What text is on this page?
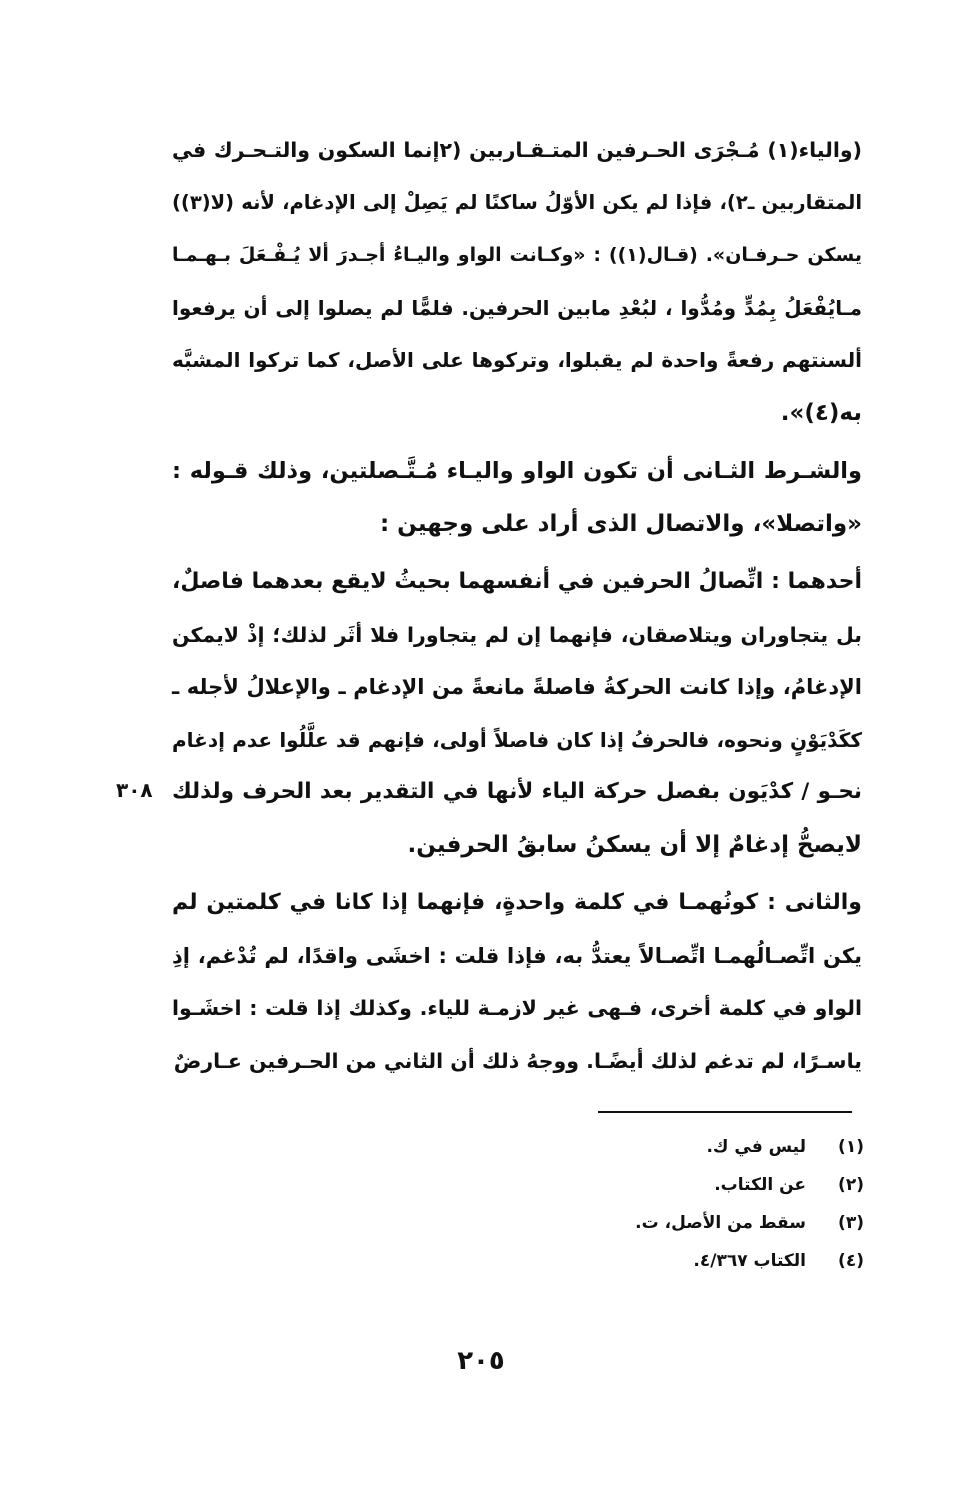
(والياء(١) مُـجْرَى الحـرفين المتـقـاربين (٢إنما السكون والتـحـرك في
المتقاربين ـ٢)، فإذا لم يكن الأوّلُ ساكنًا لم يَصِلْ إلى الإدغام، لأنه (لا(٣))
يسكن حـرفـان». (قـال(١)) : «وكـانت الواو واليـاءُ أجـدرَ ألا يُـفْـعَلَ بـهـمـا
مـايُفْعَلُ بِمُدٍّ ومُدُّوا ، لبُعْدِ مابين الحرفين. فلمًّا لم يصلوا إلى أن يرفعوا
ألسنتهم رفعةً واحدة لم يقبلوا، وتركوها على الأصل، كما تركوا المشبَّه
به(٤)».
والشـرط الثـانى أن تكون الواو واليـاء مُـتَّـصلتين، وذلك قـوله :
«واتصلا»، والاتصال الذى أراد على وجهين :
أحدهما : اتِّصالُ الحرفين في أنفسهما بحيثُ لايقع بعدهما فاصلٌ،
بل يتجاوران ويتلاصقان، فإنهما إن لم يتجاورا فلا أثَر لذلك؛ إذْ لايمكن
الإدغامُ، وإذا كانت الحركةُ فاصلةً مانعةً من الإدغام ـ والإعلالُ لأجله ـ
ككَدْيَوْنٍ ونحوه، فالحرفُ إذا كان فاصلاً أولى، فإنهم قد علَّلُوا عدم إدغام
نحـو / كدْيَون بفصل حركة الياء لأنها في التقدير بعد الحرف ولذلك
لايصحُّ إدغامٌ إلا أن يسكنُ سابقُ الحرفين.
والثانى : كونُهمـا في كلمة واحدةٍ، فإنهما إذا كانا في كلمتين لم
يكن اتِّصـالُهمـا اتِّصـالاً يعتدُّ به، فإذا قلت : اخشَى واقدًا، لم تُدْغم، إذِ
الواو في كلمة أخرى، فـهى غير لازمـة للياء. وكذلك إذا قلت : اخشَـوا
ياسـرًا، لم تدغم لذلك أيضًـا. ووجهُ ذلك أن الثاني من الحـرفين عـارضٌ
٣٠٨
(١)
ليس في ك.
(٢)
عن الكتاب.
(٣)
سقط من الأصل، ت.
(٤)
الكتاب ٤/٣٦٧.
٢٠٥
